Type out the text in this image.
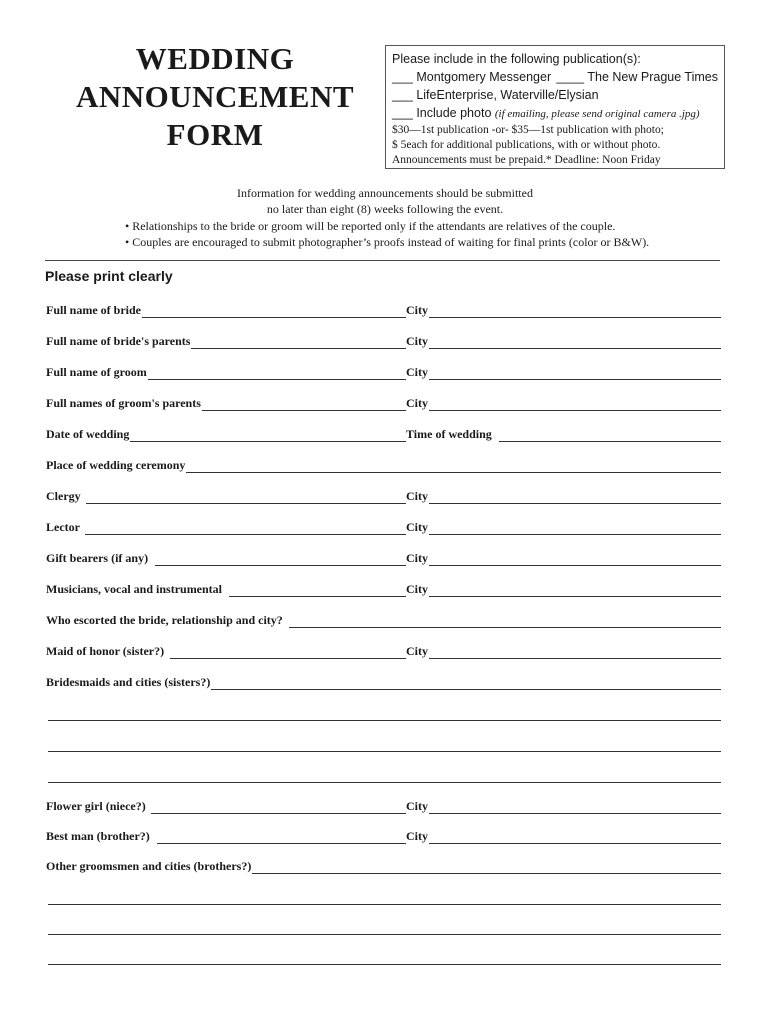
WEDDING
ANNOUNCEMENT
FORM
Please include in the following publication(s):
___ Montgomery Messenger ____ The New Prague Times
___ LifeEnterprise, Waterville/Elysian
___ Include photo (if emailing, please send original camera .jpg)
$30—1st publication -or- $35—1st publication with photo;
$ 5each for additional publications, with or without photo.
Announcements must be prepaid.* Deadline: Noon Friday
Information for wedding announcements should be submitted
no later than eight (8) weeks following the event.
• Relationships to the bride or groom will be reported only if the attendants are relatives of the couple.
• Couples are encouraged to submit photographer’s proofs instead of waiting for final prints (color or B&W).
Please print clearly
Full name of bride	City
Full name of bride's parents	City
Full name of groom	City
Full names of groom's parents	City
Date of wedding	Time of wedding
Place of wedding ceremony
Clergy	City
Lector	City
Gift bearers (if any)	City
Musicians, vocal and instrumental	City
Who escorted the bride, relationship and city?
Maid of honor (sister?)	City
Bridesmaids and cities (sisters?)
Flower girl (niece?)	City
Best man (brother?)	City
Other groomsmen and cities (brothers?)
